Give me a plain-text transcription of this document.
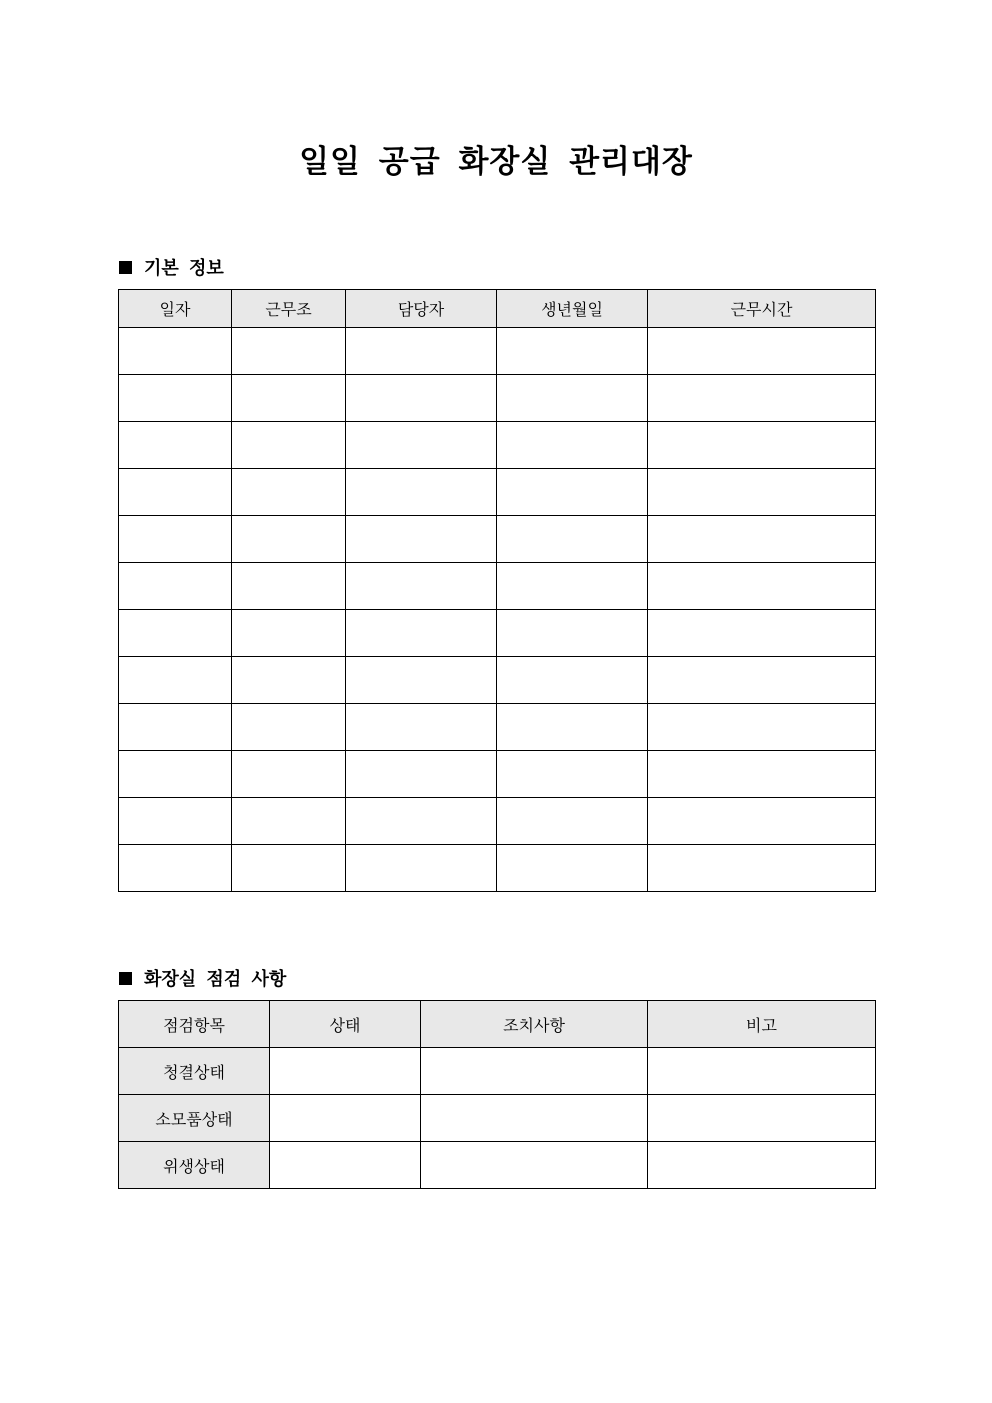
일일 공급 화장실 관리대장
기본 정보
일자	근무조	담당자	생년월일	근무시간

화장실 점검 사항
점검항목	상태	조치사항	비고
청결상태			
소모품상태			
위생상태			
